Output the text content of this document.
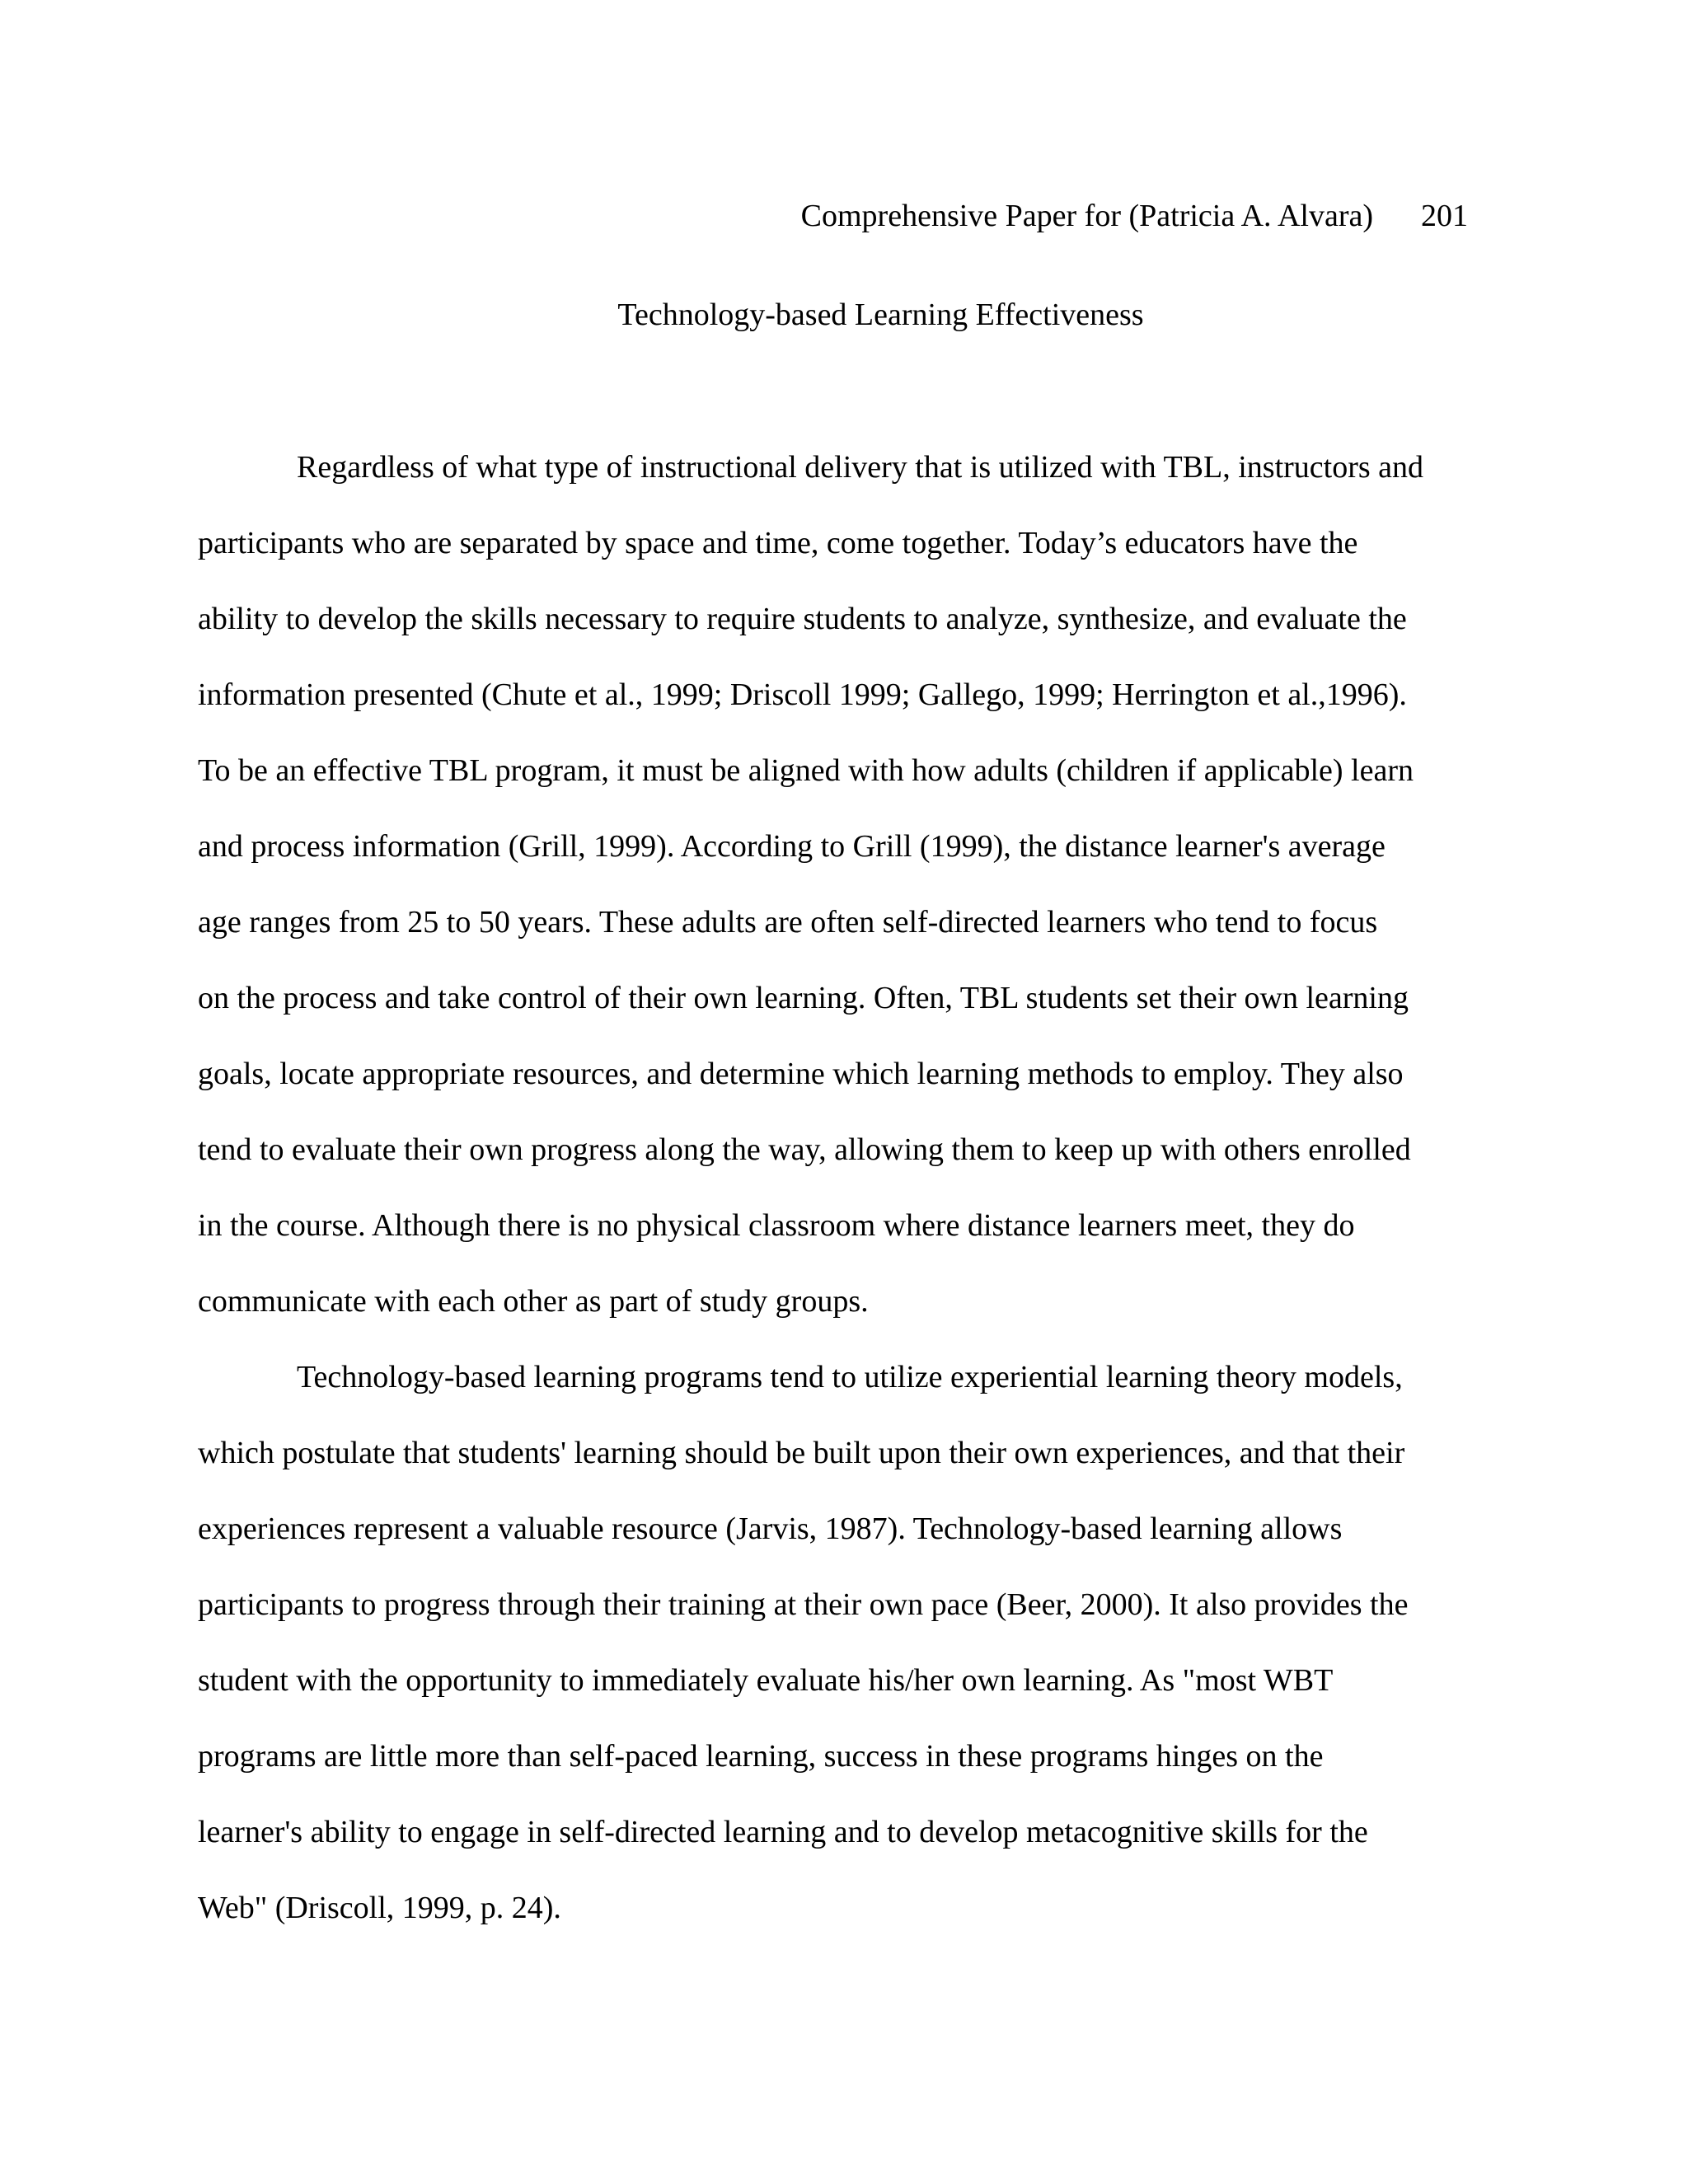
Comprehensive Paper for (Patricia A. Alvara) 201
Technology-based Learning Effectiveness
Regardless of what type of instructional delivery that is utilized with TBL, instructors and
participants who are separated by space and time, come together. Today’s educators have the
ability to develop the skills necessary to require students to analyze, synthesize, and evaluate the
information presented (Chute et al., 1999; Driscoll 1999; Gallego, 1999; Herrington et al.,1996).
To be an effective TBL program, it must be aligned with how adults (children if applicable) learn
and process information (Grill, 1999). According to Grill (1999), the distance learner's average
age ranges from 25 to 50 years. These adults are often self-directed learners who tend to focus
on the process and take control of their own learning. Often, TBL students set their own learning
goals, locate appropriate resources, and determine which learning methods to employ. They also
tend to evaluate their own progress along the way, allowing them to keep up with others enrolled
in the course. Although there is no physical classroom where distance learners meet, they do
communicate with each other as part of study groups.
Technology-based learning programs tend to utilize experiential learning theory models,
which postulate that students' learning should be built upon their own experiences, and that their
experiences represent a valuable resource (Jarvis, 1987). Technology-based learning allows
participants to progress through their training at their own pace (Beer, 2000). It also provides the
student with the opportunity to immediately evaluate his/her own learning. As "most WBT
programs are little more than self-paced learning, success in these programs hinges on the
learner's ability to engage in self-directed learning and to develop metacognitive skills for the
Web" (Driscoll, 1999, p. 24).
